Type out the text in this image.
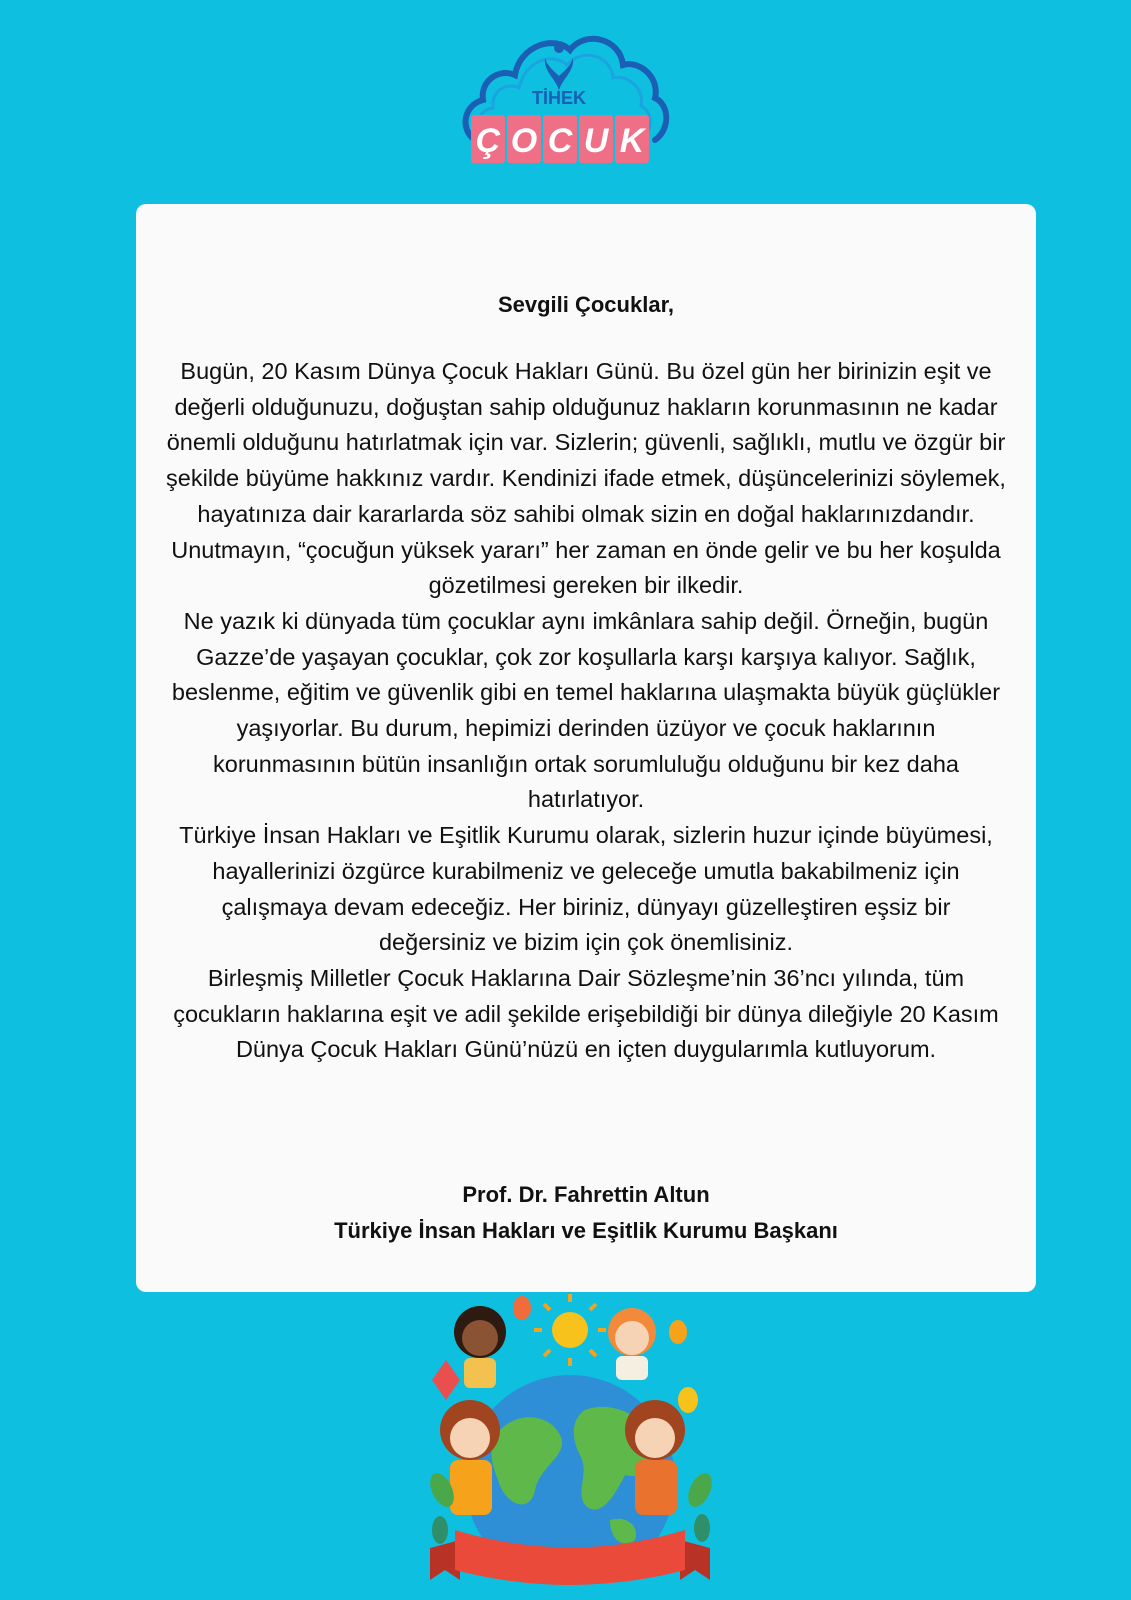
TİHEK
Ç O C U K
Sevgili Çocuklar,

Bugün, 20 Kasım Dünya Çocuk Hakları Günü. Bu özel gün her birinizin eşit ve değerli olduğunuzu, doğuştan sahip olduğunuz hakların korunmasının ne kadar önemli olduğunu hatırlatmak için var. Sizlerin; güvenli, sağlıklı, mutlu ve özgür bir şekilde büyüme hakkınız vardır. Kendinizi ifade etmek, düşüncelerinizi söylemek, hayatınıza dair kararlarda söz sahibi olmak sizin en doğal haklarınızdandır. Unutmayın, “çocuğun yüksek yararı” her zaman en önde gelir ve bu her koşulda gözetilmesi gereken bir ilkedir.

Ne yazık ki dünyada tüm çocuklar aynı imkânlara sahip değil. Örneğin, bugün Gazze’de yaşayan çocuklar, çok zor koşullarla karşı karşıya kalıyor. Sağlık, beslenme, eğitim ve güvenlik gibi en temel haklarına ulaşmakta büyük güçlükler yaşıyorlar. Bu durum, hepimizi derinden üzüyor ve çocuk haklarının korunmasının bütün insanlığın ortak sorumluluğu olduğunu bir kez daha hatırlatıyor.

Türkiye İnsan Hakları ve Eşitlik Kurumu olarak, sizlerin huzur içinde büyümesi, hayallerinizi özgürce kurabilmeniz ve geleceğe umutla bakabilmeniz için çalışmaya devam edeceğiz. Her biriniz, dünyayı güzelleştiren eşsiz bir değersiniz ve bizim için çok önemlisiniz.

Birleşmiş Milletler Çocuk Haklarına Dair Sözleşme’nin 36’ncı yılında, tüm çocukların haklarına eşit ve adil şekilde erişebildiği bir dünya dileğiyle 20 Kasım Dünya Çocuk Hakları Günü’nüzü en içten duygularımla kutluyorum.

Prof. Dr. Fahrettin Altun
Türkiye İnsan Hakları ve Eşitlik Kurumu Başkanı
